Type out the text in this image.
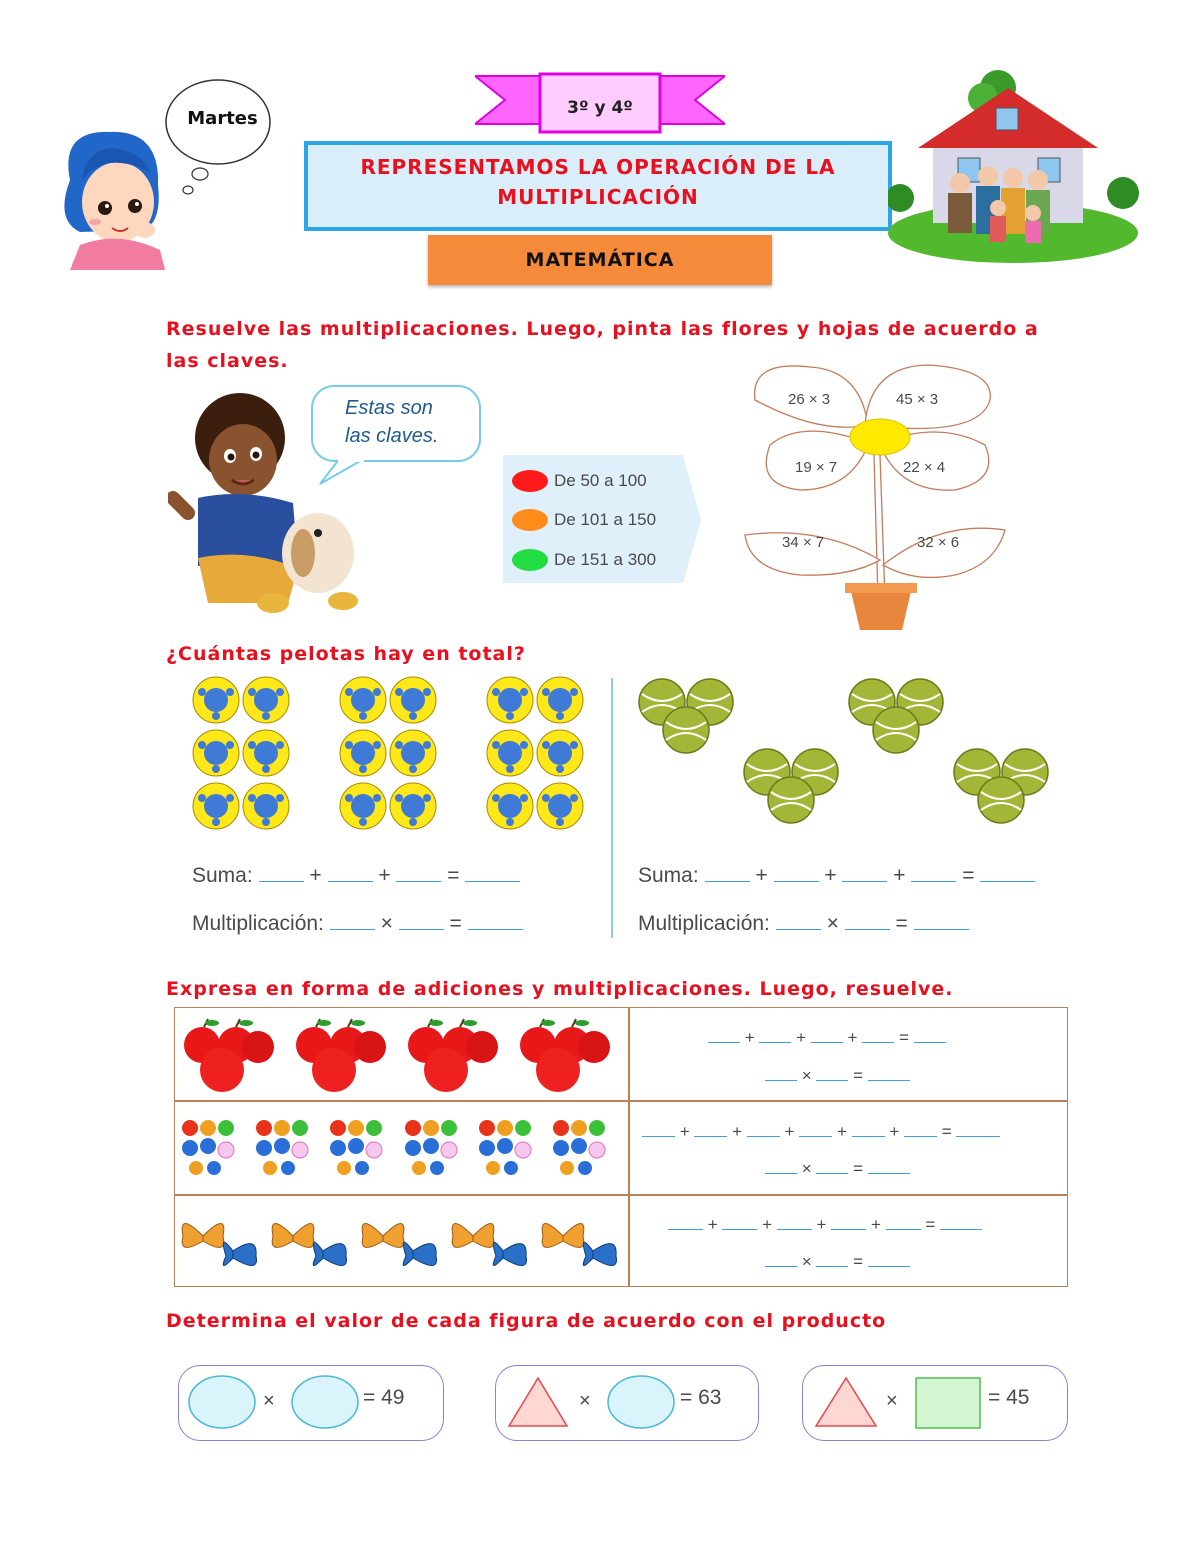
Martes	3º y 4º
REPRESENTAMOS LA OPERACIÓN DE LA
MULTIPLICACIÓN
MATEMÁTICA
Resuelve las multiplicaciones. Luego, pinta las flores y hojas de acuerdo a
las claves.
Estas son
las claves.
De 50 a 100
De 101 a 150
De 151 a 300
26 × 3	45 × 3
19 × 7	22 × 4
34 × 7	32 × 6
¿Cuántas pelotas hay en total?
Suma:	+	+	=
Multiplicación:	×	=
Suma:	+	+	+	=
Multiplicación:	×	=
Expresa en forma de adiciones y multiplicaciones. Luego, resuelve.
+ + + =
× =
+ + + + + =
× =
+	+	+	+	=
× =
Determina el valor de cada figura de acuerdo con el producto
×	= 49	×	= 63	×	= 45
